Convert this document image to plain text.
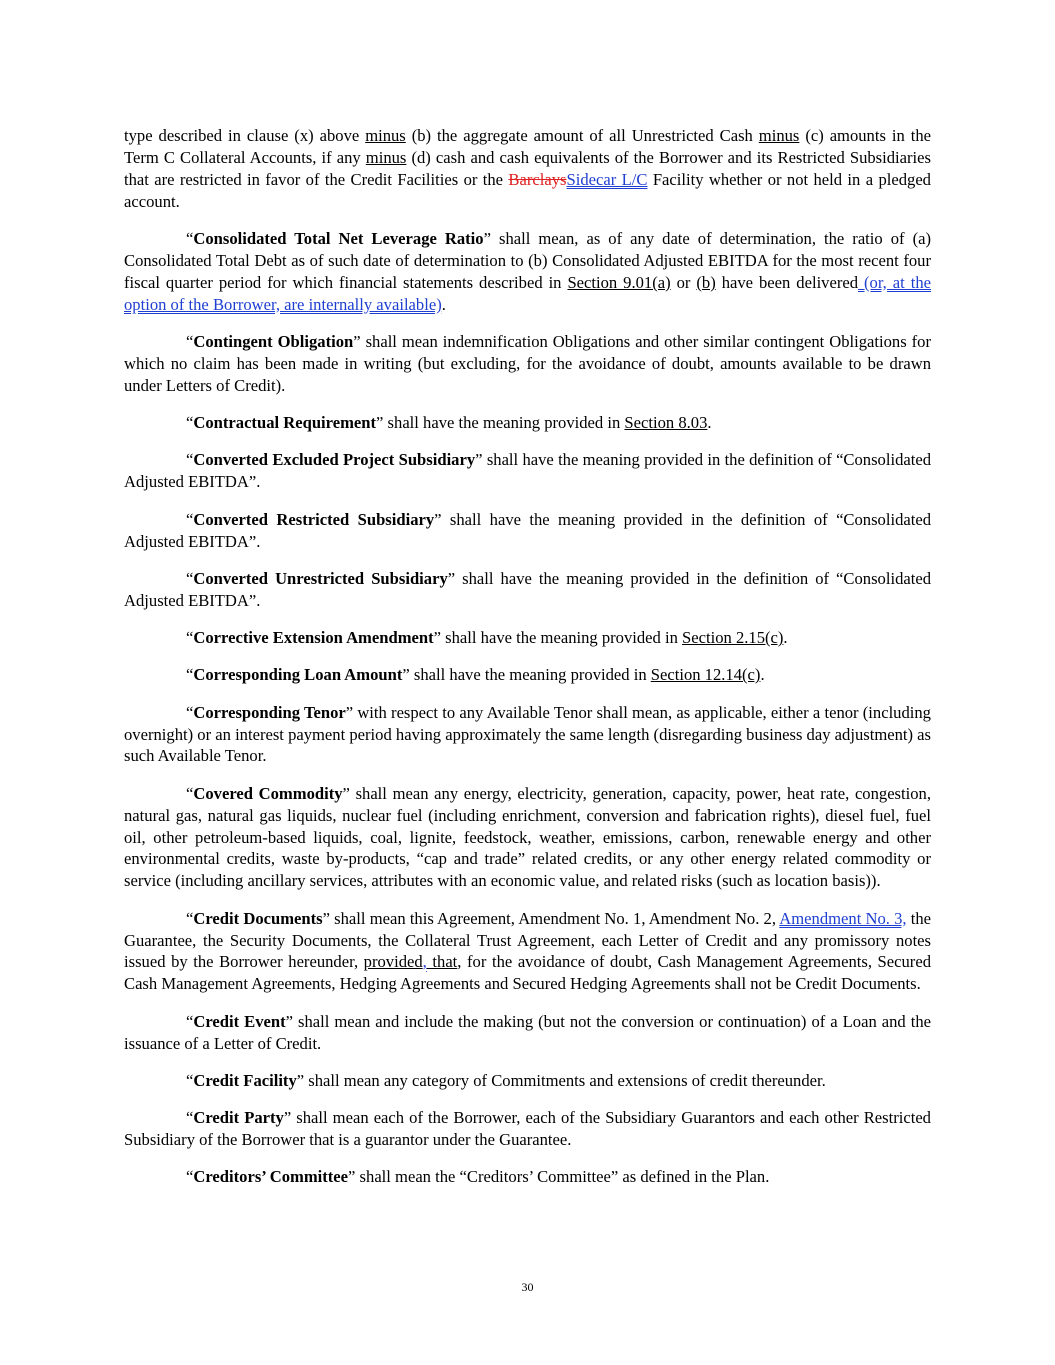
type described in clause (x) above minus (b) the aggregate amount of all Unrestricted Cash minus (c) amounts in the Term C Collateral Accounts, if any minus (d) cash and cash equivalents of the Borrower and its Restricted Subsidiaries that are restricted in favor of the Credit Facilities or the BarclaysSidecar L/C Facility whether or not held in a pledged account.

“Consolidated Total Net Leverage Ratio” shall mean, as of any date of determination, the ratio of (a) Consolidated Total Debt as of such date of determination to (b) Consolidated Adjusted EBITDA for the most recent four fiscal quarter period for which financial statements described in Section 9.01(a) or (b) have been delivered (or, at the option of the Borrower, are internally available).

“Contingent Obligation” shall mean indemnification Obligations and other similar contingent Obligations for which no claim has been made in writing (but excluding, for the avoidance of doubt, amounts available to be drawn under Letters of Credit).

“Contractual Requirement” shall have the meaning provided in Section 8.03.

“Converted Excluded Project Subsidiary” shall have the meaning provided in the definition of “Consolidated Adjusted EBITDA”.

“Converted Restricted Subsidiary” shall have the meaning provided in the definition of “Consolidated Adjusted EBITDA”.

“Converted Unrestricted Subsidiary” shall have the meaning provided in the definition of “Consolidated Adjusted EBITDA”.

“Corrective Extension Amendment” shall have the meaning provided in Section 2.15(c).

“Corresponding Loan Amount” shall have the meaning provided in Section 12.14(c).

“Corresponding Tenor” with respect to any Available Tenor shall mean, as applicable, either a tenor (including overnight) or an interest payment period having approximately the same length (disregarding business day adjustment) as such Available Tenor.

“Covered Commodity” shall mean any energy, electricity, generation, capacity, power, heat rate, congestion, natural gas, natural gas liquids, nuclear fuel (including enrichment, conversion and fabrication rights), diesel fuel, fuel oil, other petroleum-based liquids, coal, lignite, feedstock, weather, emissions, carbon, renewable energy and other environmental credits, waste by-products, “cap and trade” related credits, or any other energy related commodity or service (including ancillary services, attributes with an economic value, and related risks (such as location basis)).

“Credit Documents” shall mean this Agreement, Amendment No. 1, Amendment No. 2, Amendment No. 3, the Guarantee, the Security Documents, the Collateral Trust Agreement, each Letter of Credit and any promissory notes issued by the Borrower hereunder, provided, that, for the avoidance of doubt, Cash Management Agreements, Secured Cash Management Agreements, Hedging Agreements and Secured Hedging Agreements shall not be Credit Documents.

“Credit Event” shall mean and include the making (but not the conversion or continuation) of a Loan and the issuance of a Letter of Credit.

“Credit Facility” shall mean any category of Commitments and extensions of credit thereunder.

“Credit Party” shall mean each of the Borrower, each of the Subsidiary Guarantors and each other Restricted Subsidiary of the Borrower that is a guarantor under the Guarantee.

“Creditors’ Committee” shall mean the “Creditors’ Committee” as defined in the Plan.

30
